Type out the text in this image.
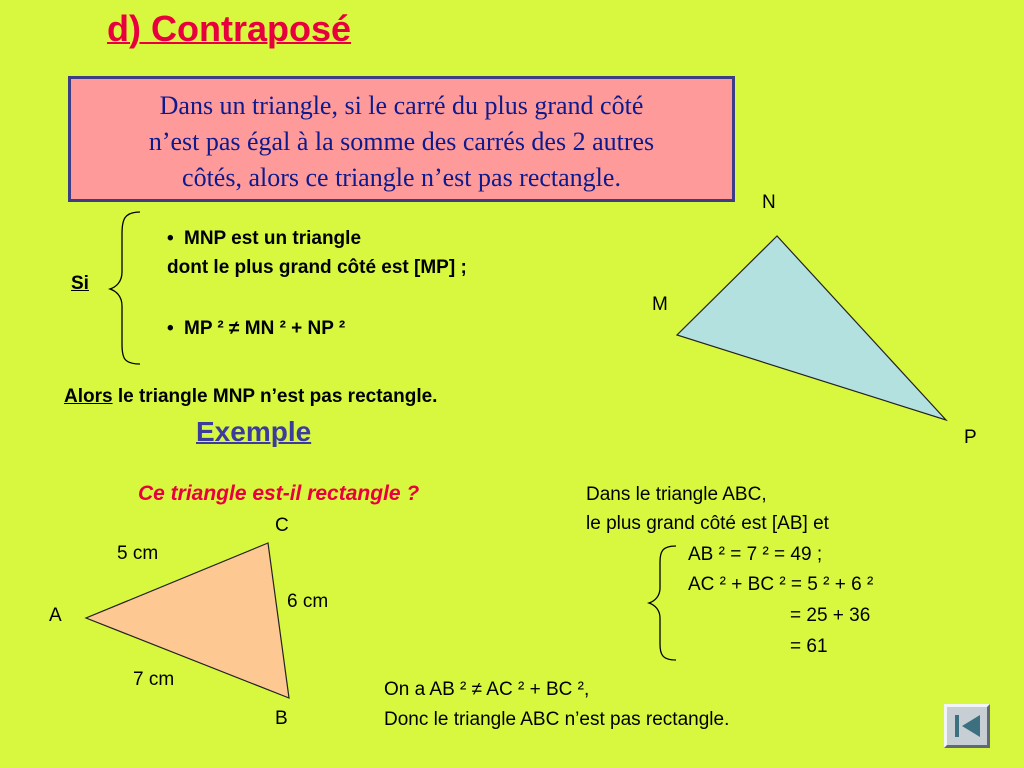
d) Contraposé
Dans un triangle, si le carré du plus grand côté
n’est pas égal à la somme des carrés des 2 autres
côtés, alors ce triangle n’est pas rectangle.
Si
• MNP est un triangle
dont le plus grand côté est [MP] ;
• MP ² ≠ MN ² + NP ²
Alors le triangle MNP n’est pas rectangle.
N
M
P
Exemple
Ce triangle est-il rectangle ?
C
A
B
5 cm
6 cm
7 cm
Dans le triangle ABC,
le plus grand côté est [AB] et
AB ² = 7 ² = 49 ;
AC ² + BC ² = 5 ² + 6 ²
= 25 + 36
= 61
On a AB ² ≠ AC ² + BC ²,
Donc le triangle ABC n’est pas rectangle.
